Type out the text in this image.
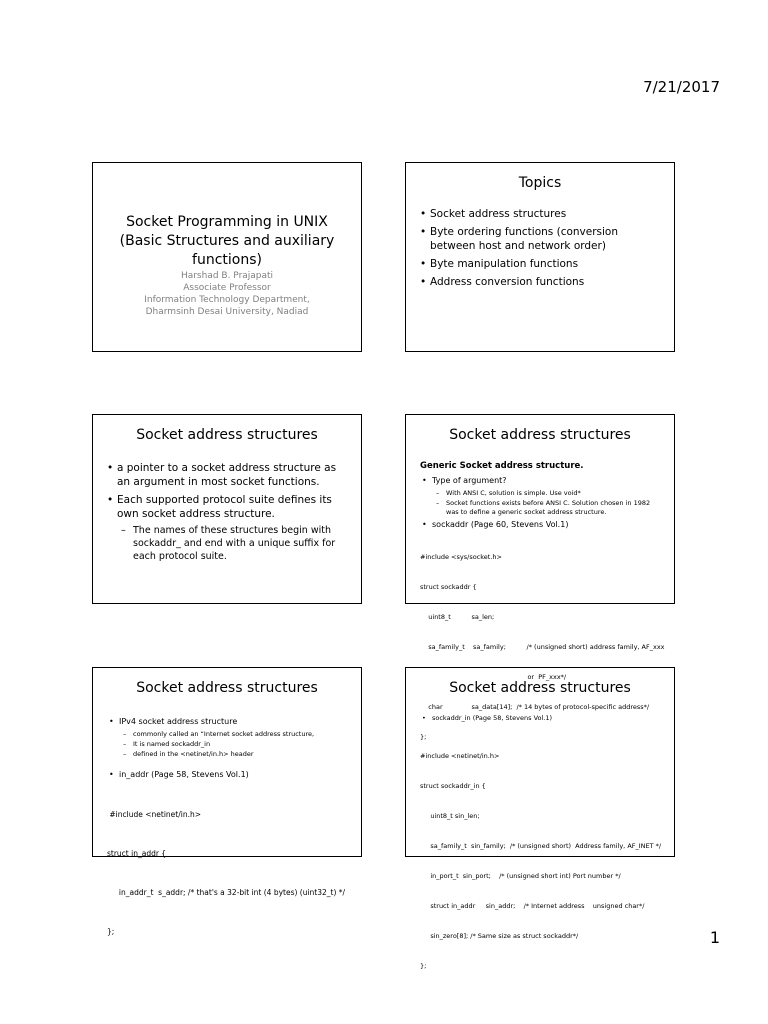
7/21/2017
Socket Programming in UNIX
(Basic Structures and auxiliary
functions)
Harshad B. Prajapati
Associate Professor
Information Technology Department,
Dharmsinh Desai University, Nadiad
Topics
• Socket address structures
• Byte ordering functions (conversion between host and network order)
• Byte manipulation functions
• Address conversion functions
Socket address structures
• a pointer to a socket address structure as an argument in most socket functions.
• Each supported protocol suite defines its own socket address structure.
– The names of these structures begin with sockaddr_ and end with a unique suffix for each protocol suite.
Socket address structures
Generic Socket address structure.
• Type of argument?
– With ANSI C, solution is simple. Use void*
– Socket functions exists before ANSI C. Solution chosen in 1982 was to define a generic socket address structure.
• sockaddr (Page 60, Stevens Vol.1)

#include <sys/socket.h>

struct sockaddr {

uint8_t          sa_len;

sa_family_t    sa_family;          /* (unsigned short) address family, AF_xxx

or  PF_xxx*/

char              sa_data[14];  /* 14 bytes of protocol-specific address*/

};

Socket address structures
• IPv4 socket address structure
– commonly called an “Internet socket address structure,
– It is named sockaddr_in
– defined in the <netinet/in.h> header
• in_addr (Page 58, Stevens Vol.1)

#include <netinet/in.h>

struct in_addr {

in_addr_t  s_addr; /* that's a 32-bit int (4 bytes) (uint32_t) */

};

Socket address structures
• sockaddr_in (Page 58, Stevens Vol.1)

#include <netinet/in.h>

struct sockaddr_in {

uint8_t sin_len;

sa_family_t  sin_family;  /* (unsigned short)  Address family, AF_INET */

in_port_t  sin_port;    /* (unsigned short int) Port number */

struct in_addr     sin_addr;    /* Internet address    unsigned char*/

sin_zero[8]; /* Same size as struct sockaddr*/

};

1
